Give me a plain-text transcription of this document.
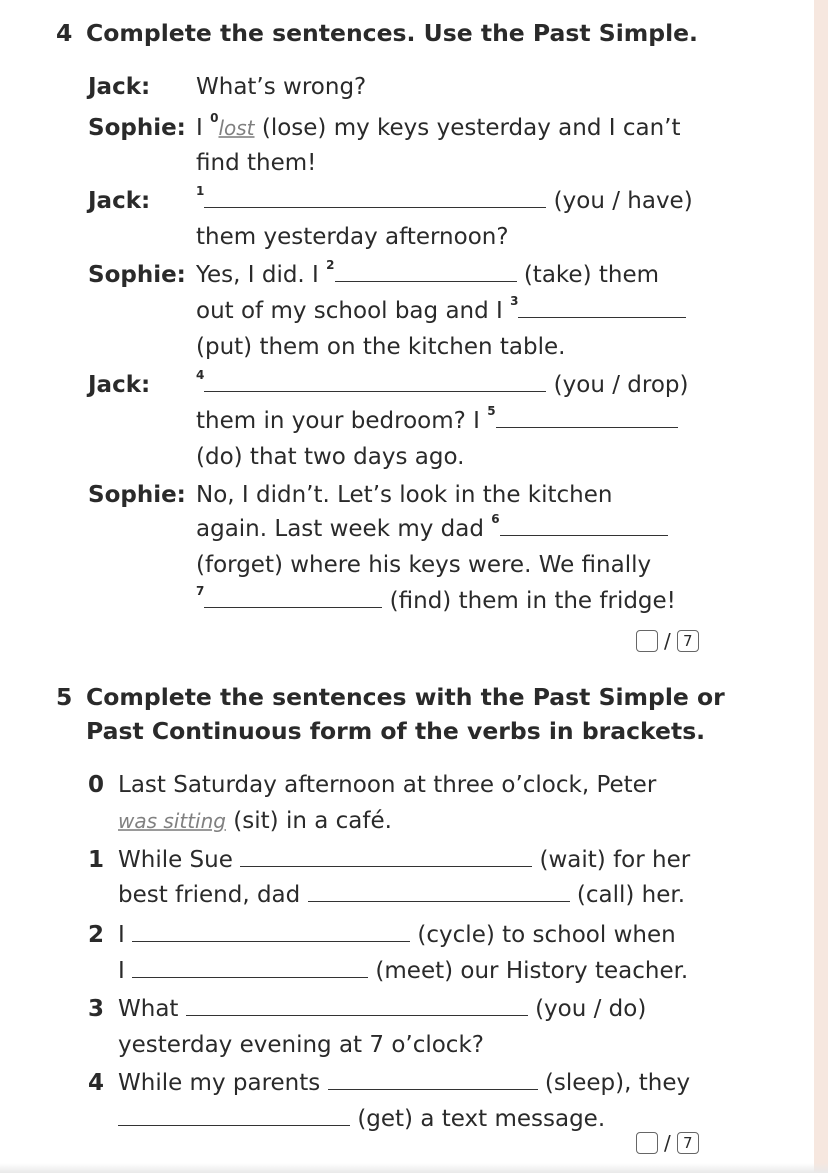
4 Complete the sentences. Use the Past Simple.
Jack: What’s wrong?
Sophie: I $^0$lost (lose) my keys yesterday and I can’t
find them!
Jack:	$^1$	(you / have)
them yesterday afternoon?
Sophie: Yes, I did. I $^2$	(take) them
out of my school bag and I $^3$
(put) them on the kitchen table.
Jack:	$^4$	(you / drop)
them in your bedroom? I $^5$
(do) that two days ago.
Sophie: No, I didn’t. Let’s look in the kitchen
again. Last week my dad $^6$
(forget) where his keys were. We finally
$^7$	(find) them in the fridge!
/ 7
5 Complete the sentences with the Past Simple or
Past Continuous form of the verbs in brackets.
0 Last Saturday afternoon at three o’clock, Peter
was sitting (sit) in a café.
1 While Sue	(wait) for her
best friend, dad	(call) her.
2 I	(cycle) to school when
I	(meet) our History teacher.
3 What	(you / do)
yesterday evening at 7 o’clock?
4 While my parents	(sleep), they
(get) a text message.
/ 7
